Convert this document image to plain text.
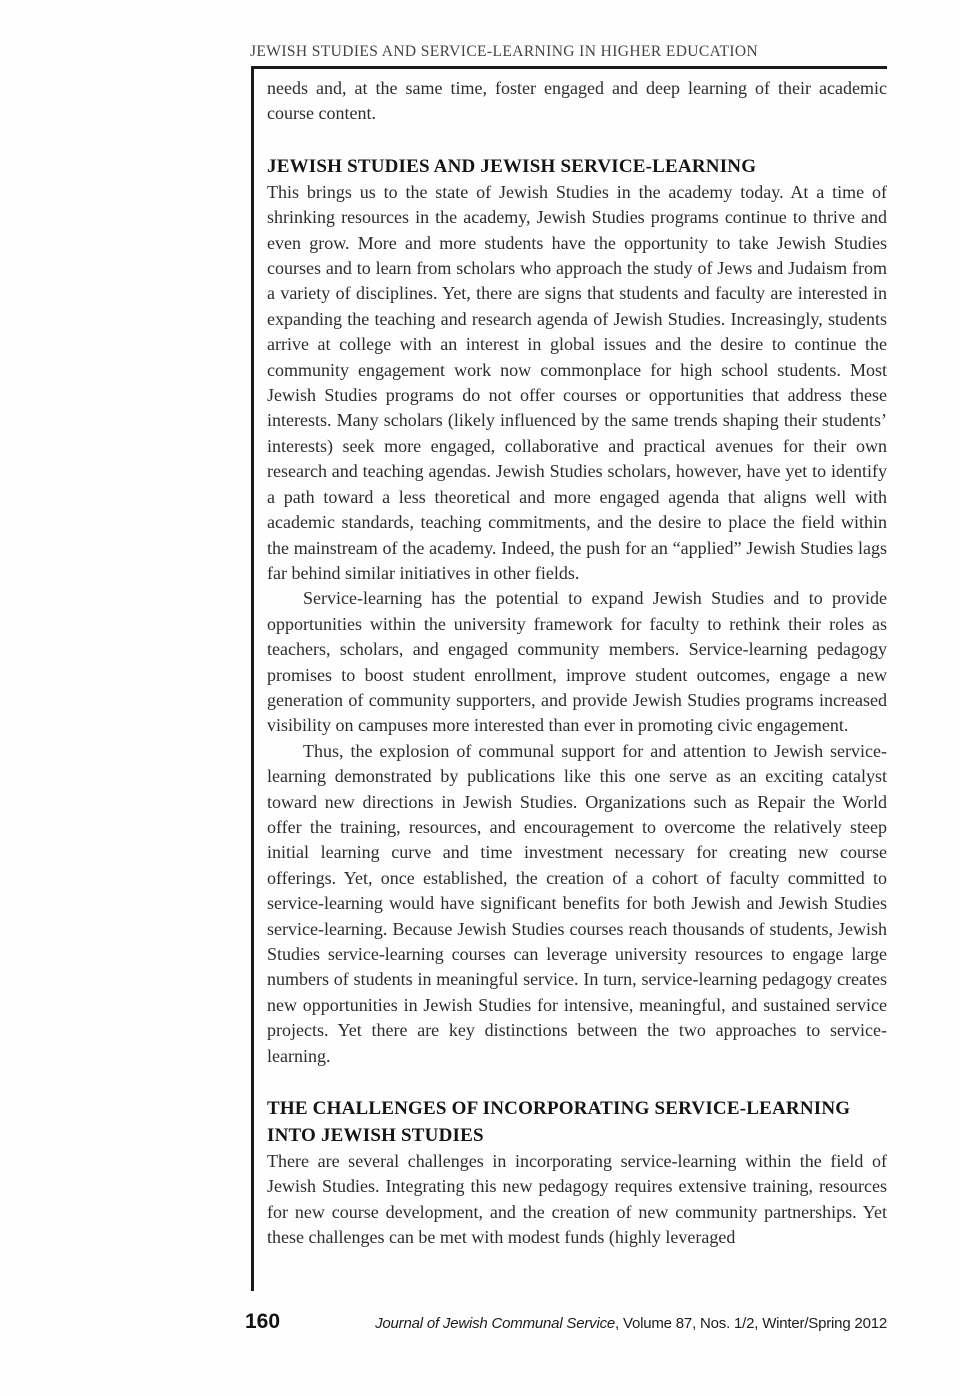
JEWISH STUDIES AND SERVICE-LEARNING IN HIGHER EDUCATION

needs and, at the same time, foster engaged and deep learning of their academic course content.

JEWISH STUDIES AND JEWISH SERVICE-LEARNING

This brings us to the state of Jewish Studies in the academy today. At a time of shrinking resources in the academy, Jewish Studies programs continue to thrive and even grow. More and more students have the opportunity to take Jewish Studies courses and to learn from scholars who approach the study of Jews and Judaism from a variety of disciplines. Yet, there are signs that students and faculty are interested in expanding the teaching and research agenda of Jewish Studies. Increasingly, students arrive at college with an interest in global issues and the desire to continue the community engagement work now commonplace for high school students. Most Jewish Studies programs do not offer courses or opportunities that address these interests. Many scholars (likely influenced by the same trends shaping their students’ interests) seek more engaged, collaborative and practical avenues for their own research and teaching agendas. Jewish Studies scholars, however, have yet to identify a path toward a less theoretical and more engaged agenda that aligns well with academic standards, teaching commitments, and the desire to place the field within the mainstream of the academy. Indeed, the push for an “applied” Jewish Studies lags far behind similar initiatives in other fields.

Service-learning has the potential to expand Jewish Studies and to provide opportunities within the university framework for faculty to rethink their roles as teachers, scholars, and engaged community members. Service-learning pedagogy promises to boost student enrollment, improve student outcomes, engage a new generation of community supporters, and provide Jewish Studies programs increased visibility on campuses more interested than ever in promoting civic engagement.

Thus, the explosion of communal support for and attention to Jewish service-learning demonstrated by publications like this one serve as an exciting catalyst toward new directions in Jewish Studies. Organizations such as Repair the World offer the training, resources, and encouragement to overcome the relatively steep initial learning curve and time investment necessary for creating new course offerings. Yet, once established, the creation of a cohort of faculty committed to service-learning would have significant benefits for both Jewish and Jewish Studies service-learning. Because Jewish Studies courses reach thousands of students, Jewish Studies service-learning courses can leverage university resources to engage large numbers of students in meaningful service. In turn, service-learning pedagogy creates new opportunities in Jewish Studies for intensive, meaningful, and sustained service projects. Yet there are key distinctions between the two approaches to service-learning.

THE CHALLENGES OF INCORPORATING SERVICE-LEARNING
INTO JEWISH STUDIES

There are several challenges in incorporating service-learning within the field of Jewish Studies. Integrating this new pedagogy requires extensive training, resources for new course development, and the creation of new community partnerships. Yet these challenges can be met with modest funds (highly leveraged

160	Journal of Jewish Communal Service, Volume 87, Nos. 1/2, Winter/Spring 2012
